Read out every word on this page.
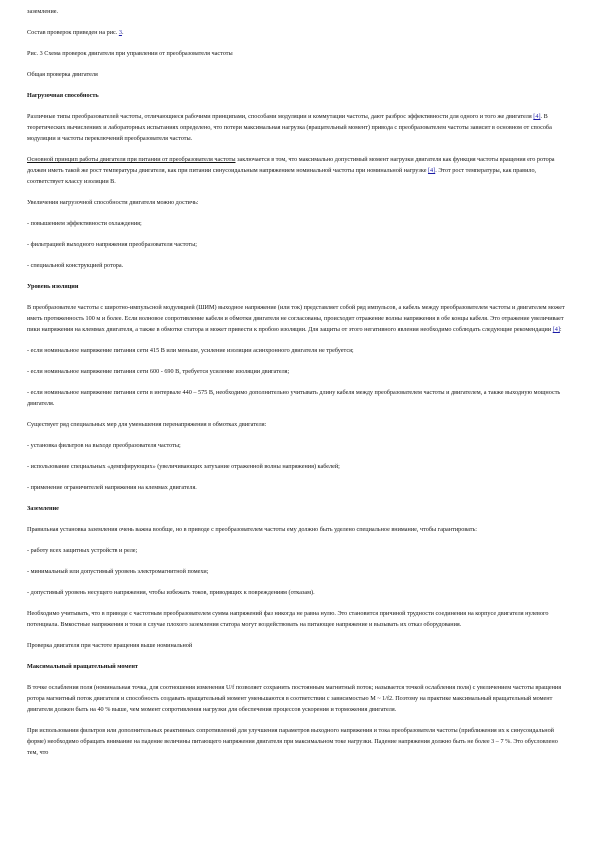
заземление.

Состав проверок приведен на рис. 3.

Рис. 3 Схема проверок двигателя при управлении от преобразователя частоты

Общая проверка двигателя

Нагрузочная способность

Различные типы преобразователей частоты, отличающиеся рабочими принципами, способами модуляции и коммутации частоты, дают разброс эффективности для одного и того же двигателя [4]. В теоретических вычислениях и лабораторных испытаниях определено, что потери максимальная нагрузка (вращательный момент) привода с преобразователем частоты зависит в основном от способа модуляции и частоты переключений преобразователя частоты.

Основной принцип работы двигателя при питании от преобразователя частоты заключается в том, что максимально допустимый момент нагрузки двигателя как функция частоты вращения его ротора должен иметь такой же рост температуры двигателя, как при питании синусоидальным напряжением номинальной частоты при номинальной нагрузке [4]. Этот рост температуры, как правило, соответствует классу изоляции В.

Увеличения нагрузочной способности двигателя можно достичь:

- повышением эффективности охлаждения;

- фильтрацией выходного напряжения преобразователя частоты;

- специальной конструкцией ротора.

Уровень изоляции

В преобразователе частоты с широтно-импульсной модуляцией (ШИМ) выходное напряжение (или ток) представляет собой ряд импульсов, а кабель между преобразователем частоты и двигателем может иметь протяженность 100 м и более. Если волновое сопротивление кабеля и обмотки двигателя не согласованы, происходит отражение волны напряжения в обе концы кабеля. Это отражение увеличивает пики напряжения на клеммах двигателя, а также в обмотке статора и может привести к пробою изоляции. Для защиты от этого негативного явления необходимо соблюдать следующие рекомендации [4]:

- если номинальное напряжение питания сети 415 В или меньше, усиление изоляции асинхронного двигателя не требуется;

- если номинальное напряжение питания сети 600 - 690 В, требуется усиление изоляции двигателя;

- если номинальное напряжение питания сети в интервале 440 – 575 В, необходимо дополнительно учитывать длину кабеля между преобразователем частоты и двигателем, а также выходную мощность двигателя.

Существует ряд специальных мер для уменьшения перенапряжения в обмотках двигателя:

- установка фильтров на выходе преобразователя частоты;

- использование специальных «демпфирующих» (увеличивающих затухание отраженной волны напряжения) кабелей;

- применение ограничителей напряжения на клеммах двигателя.

Заземление

Правильная установка заземления очень важна вообще, но в приводе с преобразователем частоты ему должно быть уделено специальное внимание, чтобы гарантировать:

- работу всех защитных устройств и реле;

- минимальный или допустимый уровень электромагнитной помехи;

- допустимый уровень несущего напряжения, чтобы избежать токов, приводящих к повреждениям (отказам).

Необходимо учитывать, что в приводе с частотным преобразователем сумма напряжений фаз никогда не равна нулю. Это становится причиной трудности соединения на корпусе двигателя нулевого потенциала. Вмкостные напряжения и токи в случае плохого заземления статора могут воздействовать на питающее напряжение и вызывать их отказ оборудования.

Проверка двигателя при частоте вращения выше номинальной

Максимальный вращательный момент

В точке ослабления поля (номинальная точка, для соотношения изменения U/f позволяет сохранить постоянным магнитный поток; называется точкой ослабления поля) с увеличением частоты вращения ротора магнитный поток двигателя и способность создавать вращательный момент уменьшаются в соответствии с зависимостью M ~ 1/f2. Поэтому на практике максимальный вращательный момент двигателя должен быть на 40 % выше, чем момент сопротивления нагрузки для обеспечения процессов ускорения и торможения двигателя.

При использовании фильтров или дополнительных реактивных сопротивлений для улучшения параметров выходного напряжения и тока преобразователя частоты (приближения их к синусоидальной форме) необходимо обращать внимание на падение величины питающего напряжения двигателя при максимальном токе нагрузки. Падение напряжения должно быть не более 3 – 7 %. Это обусловлено тем, что
